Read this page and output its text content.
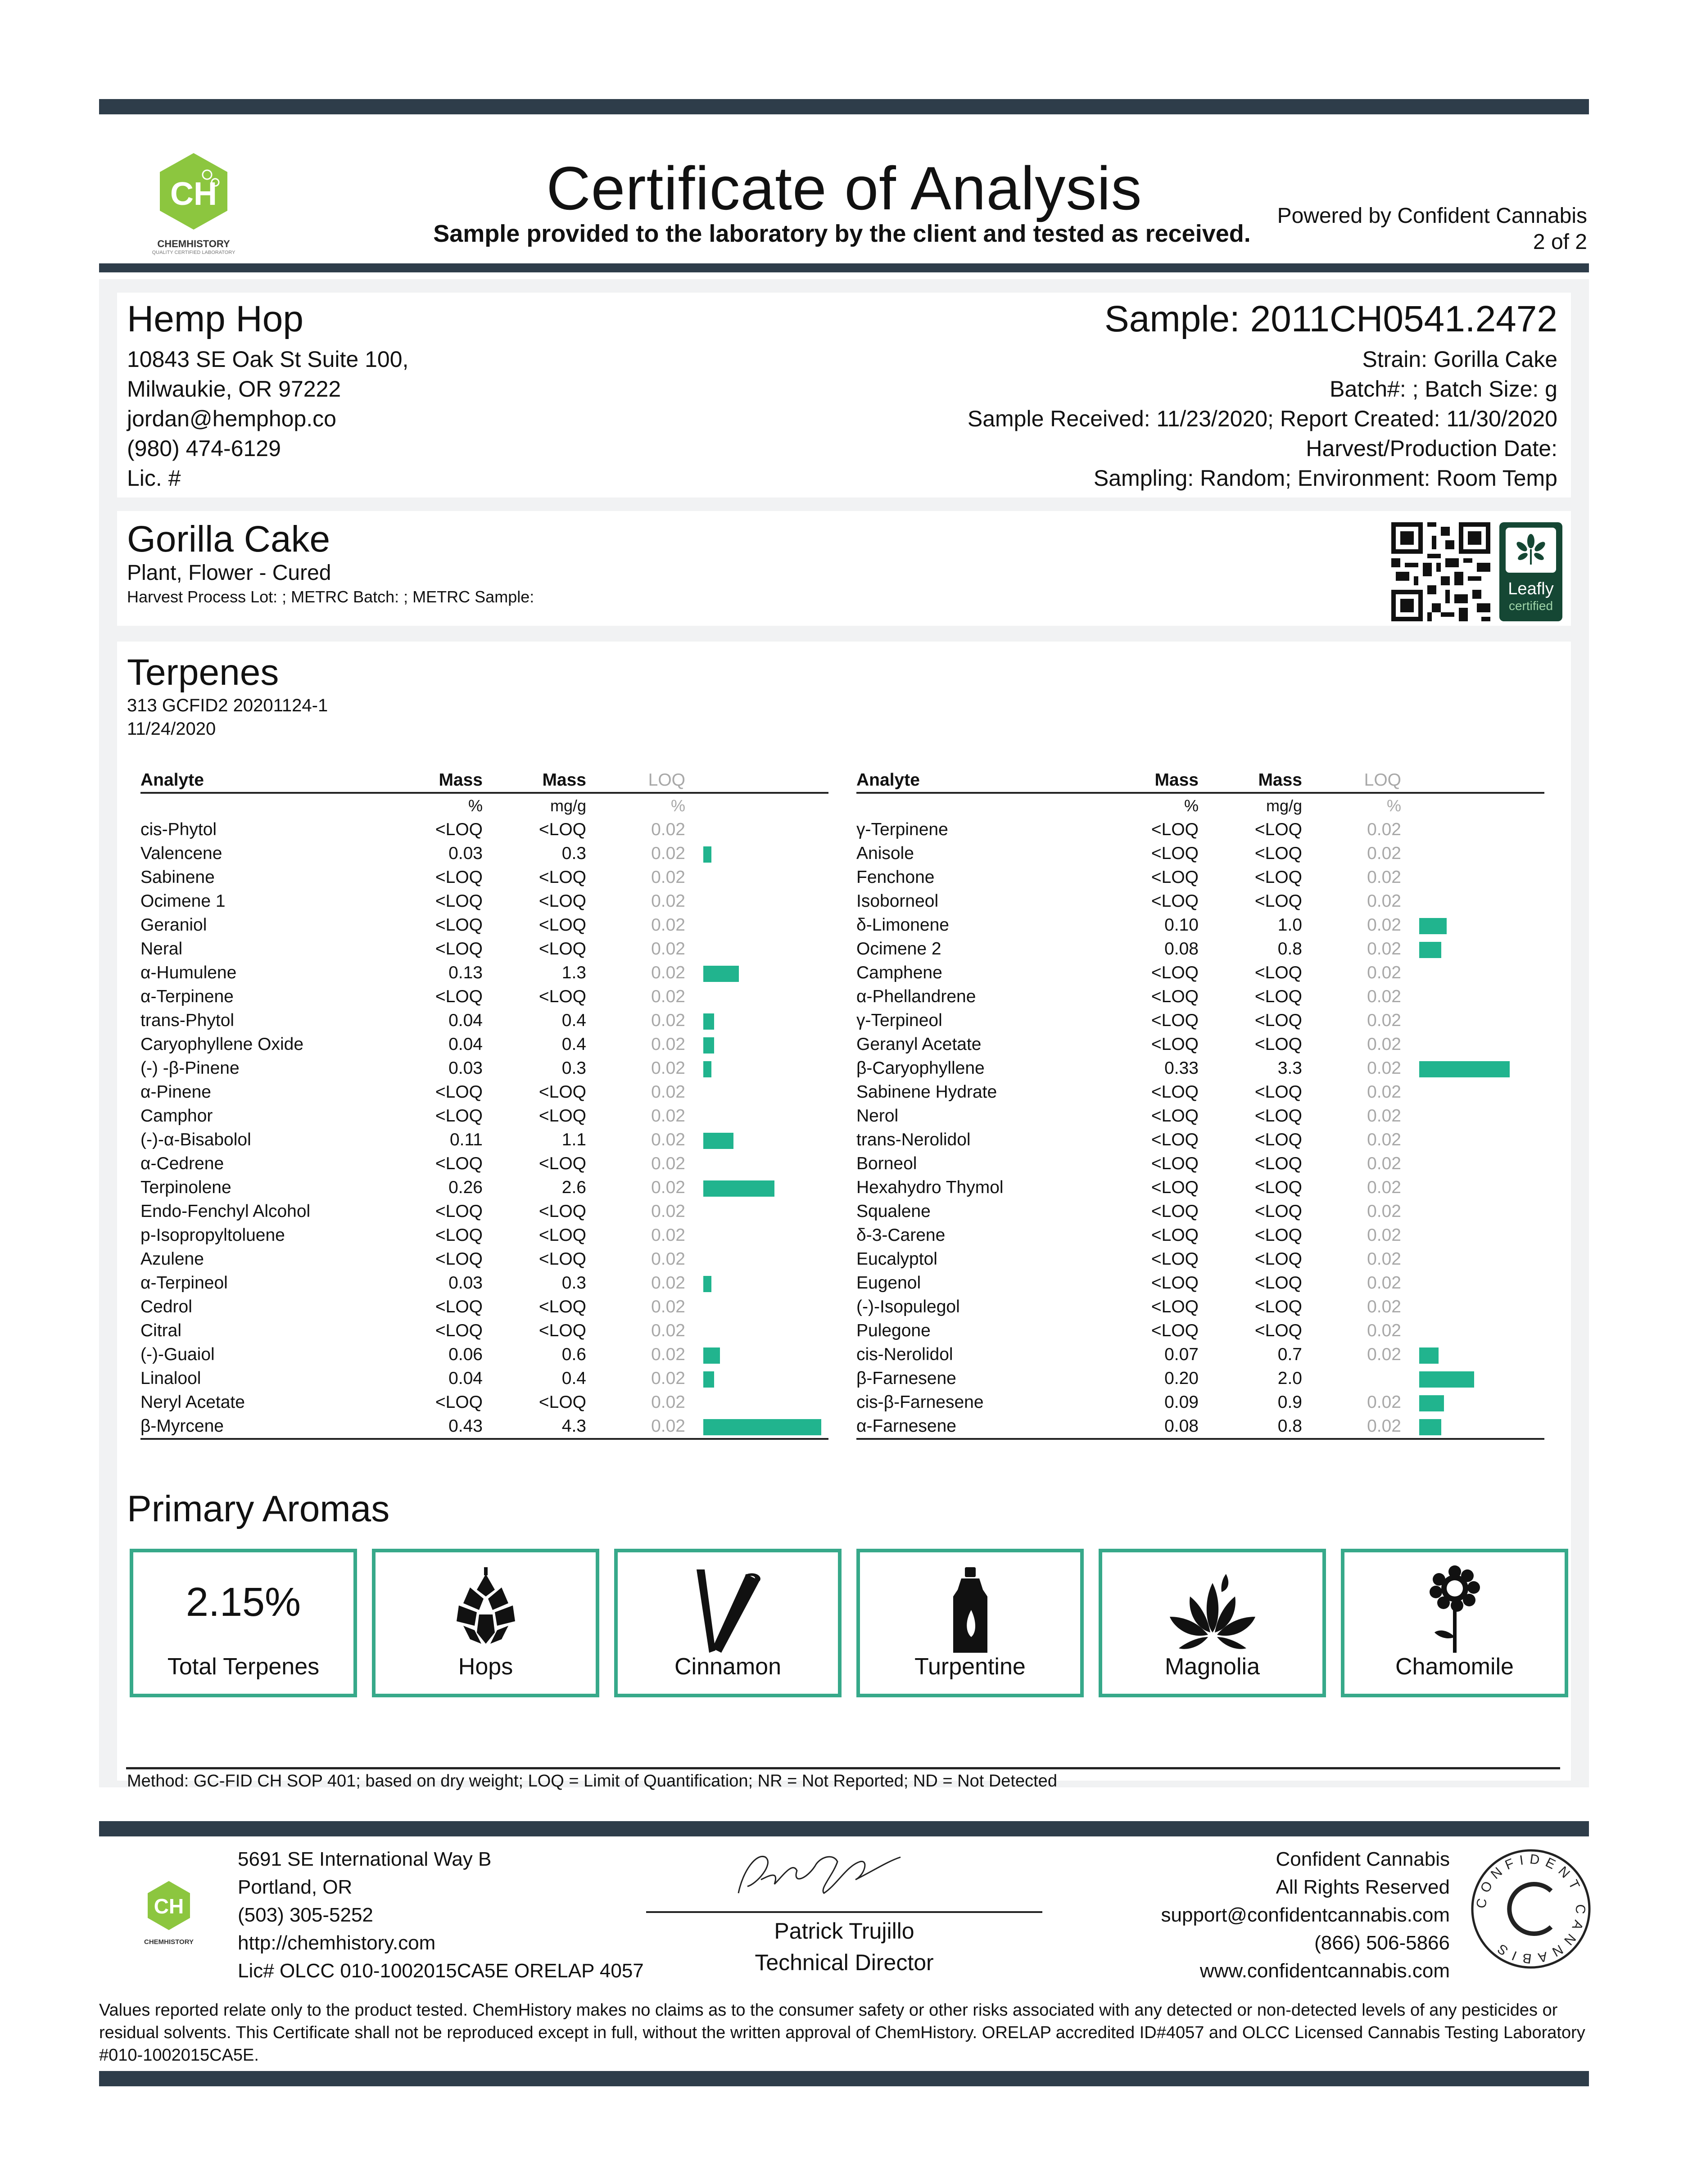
CH
CHEMHISTORY
QUALITY CERTIFIED LABORATORY
Certificate of Analysis
Sample provided to the laboratory by the client and tested as received.
Powered by Confident Cannabis
2 of 2
Hemp Hop
10843 SE Oak St Suite 100,
Milwaukie, OR 97222
jordan@hemphop.co
(980) 474-6129
Lic. #
Sample: 2011CH0541.2472
Strain: Gorilla Cake
Batch#: ; Batch Size: g
Sample Received: 11/23/2020; Report Created: 11/30/2020
Harvest/Production Date:
Sampling: Random; Environment: Room Temp
Gorilla Cake
Plant, Flower - Cured
Harvest Process Lot: ; METRC Batch: ; METRC Sample:	Leafly
certified
Terpenes
313 GCFID2 20201124-1
11/24/2020
Primary Aromas
Method: GC-FID CH SOP 401; based on dry weight; LOQ = Limit of Quantification; NR = Not Reported; ND = Not Detected
Analyte	Mass	Mass	LOQ	
	%	mg/g	%	
cis-Phytol	<LOQ	<LOQ	0.02	
Valencene	0.03	0.3	0.02	
Sabinene	<LOQ	<LOQ	0.02	
Ocimene 1	<LOQ	<LOQ	0.02	
Geraniol	<LOQ	<LOQ	0.02	
Neral	<LOQ	<LOQ	0.02	
α-Humulene	0.13	1.3	0.02	
α-Terpinene	<LOQ	<LOQ	0.02	
trans-Phytol	0.04	0.4	0.02	
Caryophyllene Oxide	0.04	0.4	0.02	
(-) -β-Pinene	0.03	0.3	0.02	
α-Pinene	<LOQ	<LOQ	0.02	
Camphor	<LOQ	<LOQ	0.02	
(-)-α-Bisabolol	0.11	1.1	0.02	
α-Cedrene	<LOQ	<LOQ	0.02	
Terpinolene	0.26	2.6	0.02	
Endo-Fenchyl Alcohol	<LOQ	<LOQ	0.02	
p-Isopropyltoluene	<LOQ	<LOQ	0.02	
Azulene	<LOQ	<LOQ	0.02	
α-Terpineol	0.03	0.3	0.02	
Cedrol	<LOQ	<LOQ	0.02	
Citral	<LOQ	<LOQ	0.02	
(-)-Guaiol	0.06	0.6	0.02	
Linalool	0.04	0.4	0.02	
Neryl Acetate	<LOQ	<LOQ	0.02	
β-Myrcene	0.43	4.3	0.02	
Analyte	Mass	Mass	LOQ	
	%	mg/g	%	
γ-Terpinene	<LOQ	<LOQ	0.02	
Anisole	<LOQ	<LOQ	0.02	
Fenchone	<LOQ	<LOQ	0.02	
Isoborneol	<LOQ	<LOQ	0.02	
δ-Limonene	0.10	1.0	0.02	
Ocimene 2	0.08	0.8	0.02	
Camphene	<LOQ	<LOQ	0.02	
α-Phellandrene	<LOQ	<LOQ	0.02	
γ-Terpineol	<LOQ	<LOQ	0.02	
Geranyl Acetate	<LOQ	<LOQ	0.02	
β-Caryophyllene	0.33	3.3	0.02	
Sabinene Hydrate	<LOQ	<LOQ	0.02	
Nerol	<LOQ	<LOQ	0.02	
trans-Nerolidol	<LOQ	<LOQ	0.02	
Borneol	<LOQ	<LOQ	0.02	
Hexahydro Thymol	<LOQ	<LOQ	0.02	
Squalene	<LOQ	<LOQ	0.02	
δ-3-Carene	<LOQ	<LOQ	0.02	
Eucalyptol	<LOQ	<LOQ	0.02	
Eugenol	<LOQ	<LOQ	0.02	
(-)-Isopulegol	<LOQ	<LOQ	0.02	
Pulegone	<LOQ	<LOQ	0.02	
cis-Nerolidol	0.07	0.7	0.02	
β-Farnesene	0.20	2.0		
cis-β-Farnesene	0.09	0.9	0.02	
α-Farnesene	0.08	0.8	0.02	
2.15%
Total Terpenes	Hops	Cinnamon	Turpentine	Magnolia	Chamomile
CH
CHEMHISTORY
5691 SE International Way B
Portland, OR
(503) 305-5252
http://chemhistory.com
Lic# OLCC 010-1002015CA5E ORELAP 4057
Patrick Trujillo
Technical Director
Confident Cannabis
All Rights Reserved
support@confidentcannabis.com
(866) 506-5866
www.confidentcannabis.com
CONFIDENT CANNABIS
Values reported relate only to the product tested. ChemHistory makes no claims as to the consumer safety or other risks associated with any detected or non-detected levels of any pesticides or residual solvents. This Certificate shall not be reproduced except in full, without the written approval of ChemHistory. ORELAP accredited ID#4057 and OLCC Licensed Cannabis Testing Laboratory #010-1002015CA5E.
